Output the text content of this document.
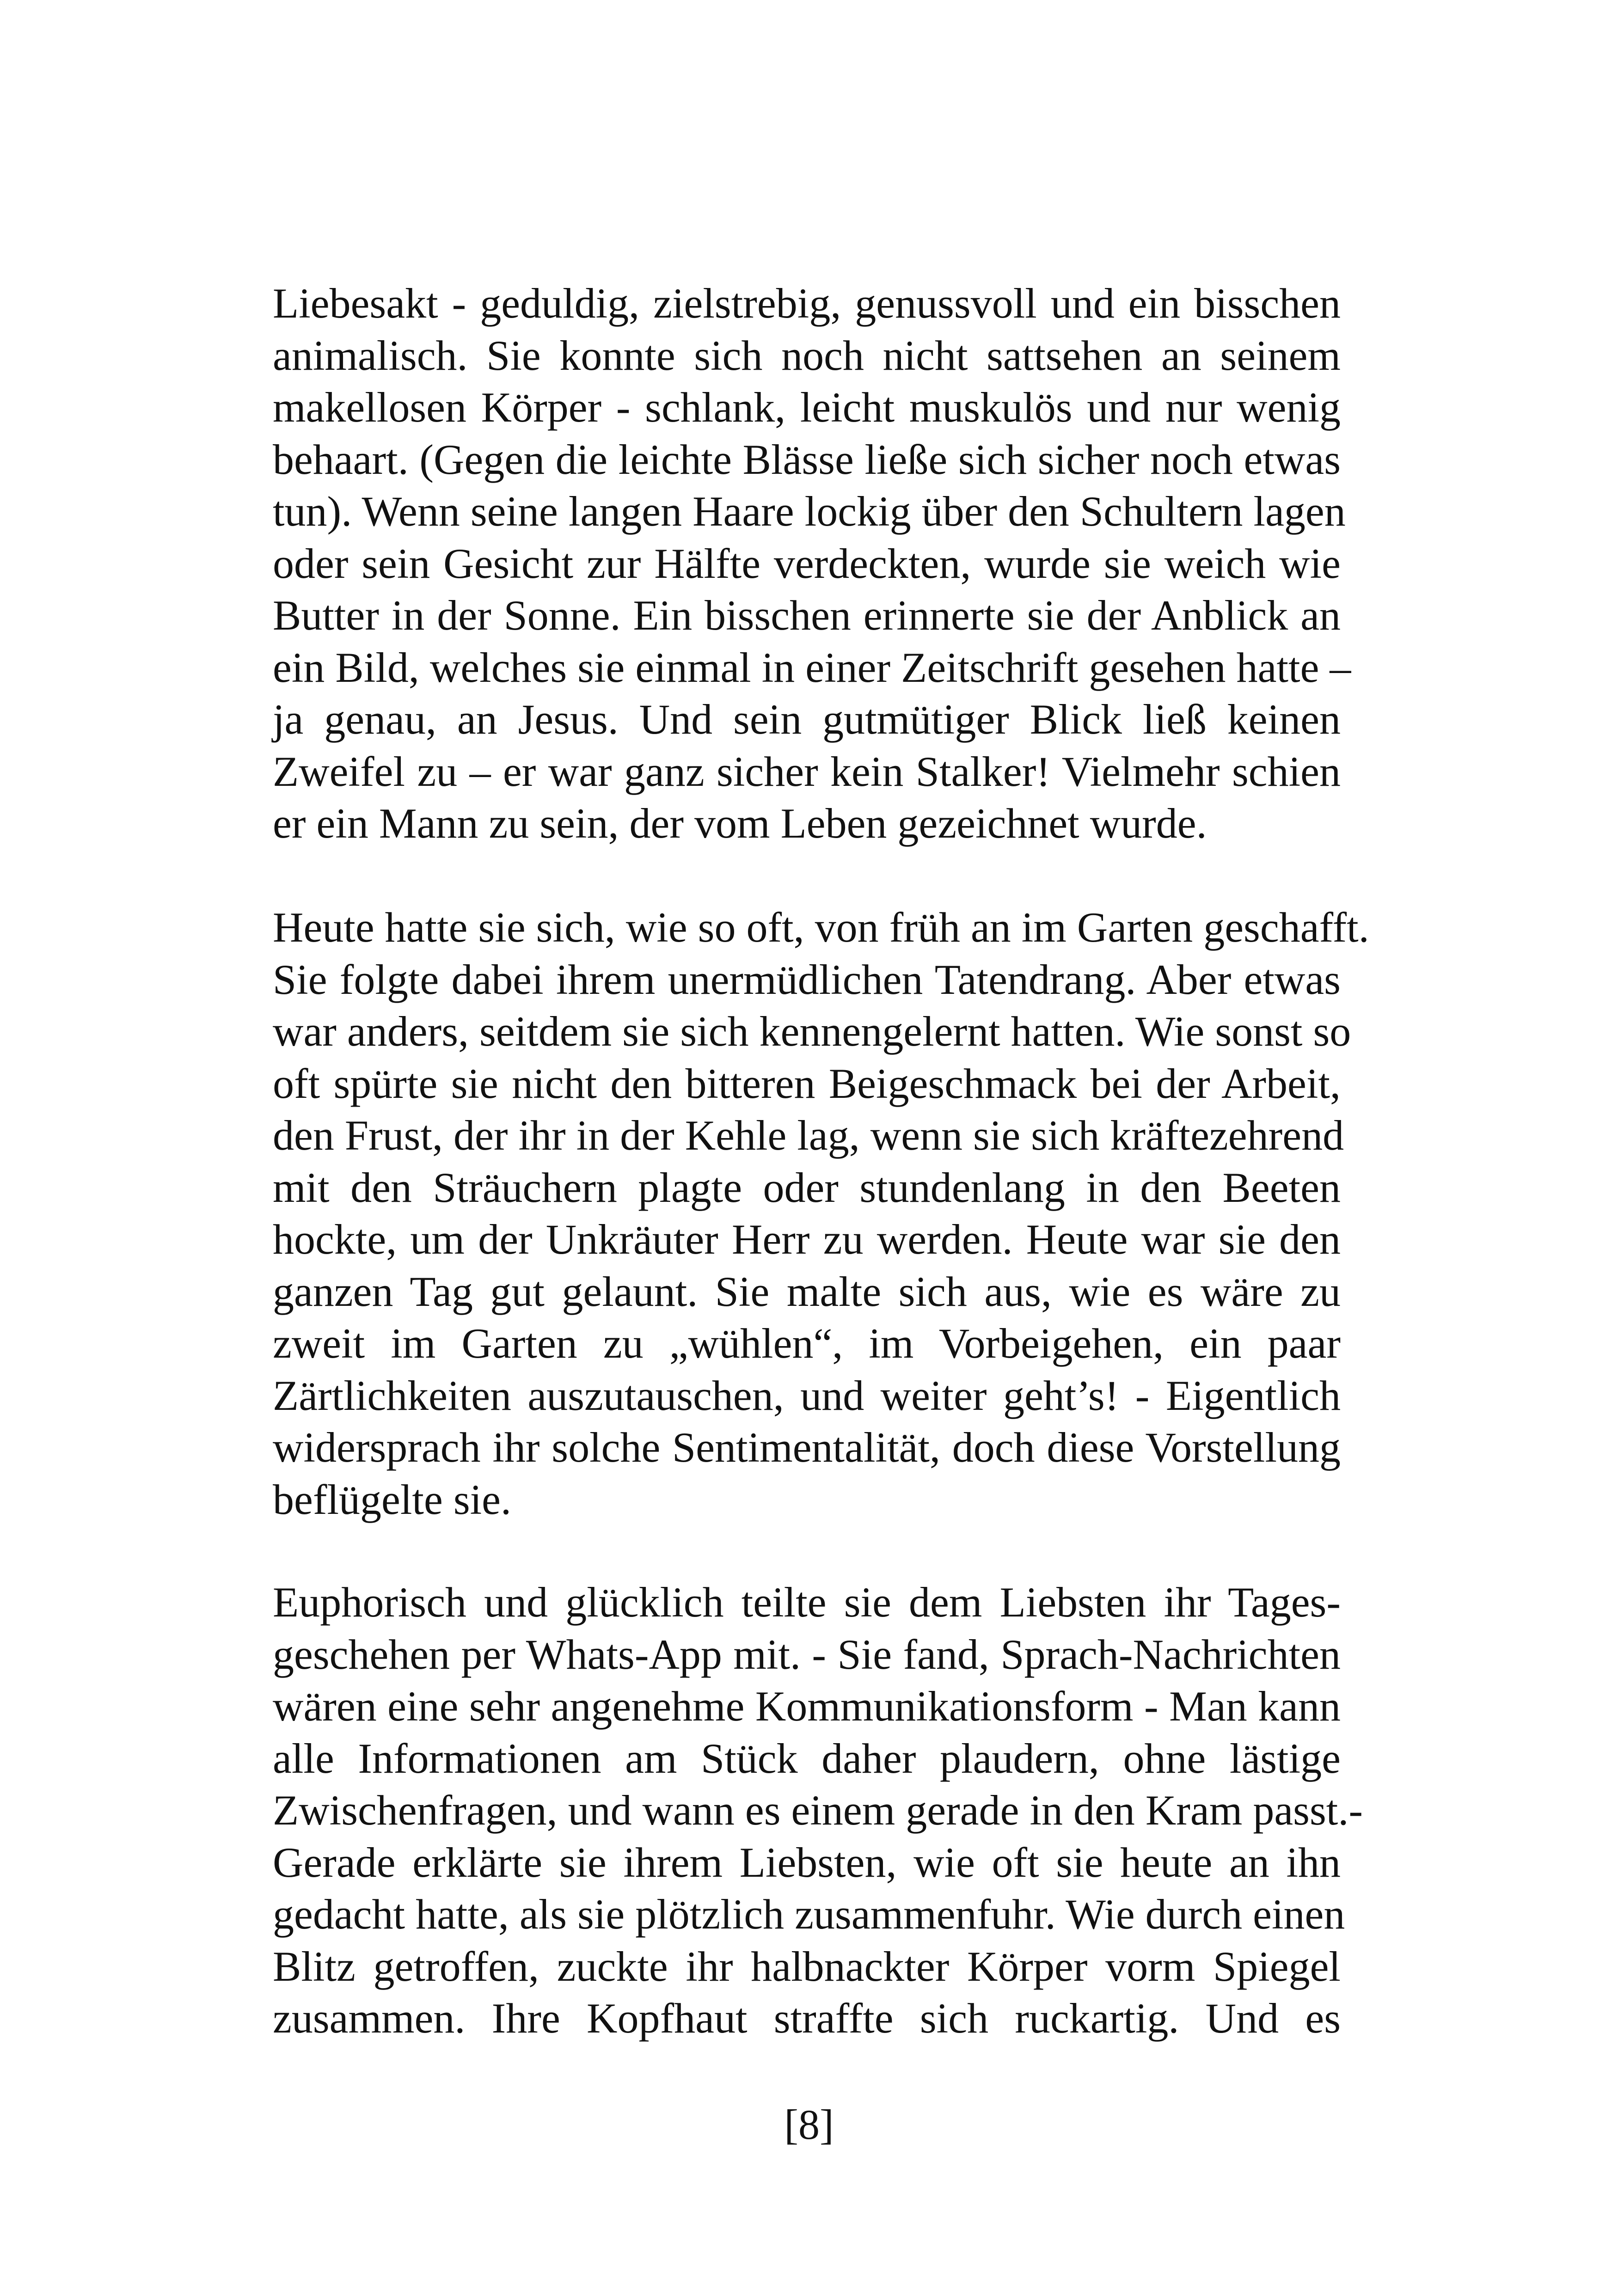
Liebesakt - geduldig, zielstrebig, genussvoll und ein bisschen
animalisch. Sie konnte sich noch nicht sattsehen an seinem
makellosen Körper - schlank, leicht muskulös und nur wenig
behaart. (Gegen die leichte Blässe ließe sich sicher noch etwas
tun). Wenn seine langen Haare lockig über den Schultern lagen
oder sein Gesicht zur Hälfte verdeckten, wurde sie weich wie
Butter in der Sonne. Ein bisschen erinnerte sie der Anblick an
ein Bild, welches sie einmal in einer Zeitschrift gesehen hatte –
ja genau, an Jesus. Und sein gutmütiger Blick ließ keinen
Zweifel zu – er war ganz sicher kein Stalker! Vielmehr schien
er ein Mann zu sein, der vom Leben gezeichnet wurde.
Heute hatte sie sich, wie so oft, von früh an im Garten geschafft.
Sie folgte dabei ihrem unermüdlichen Tatendrang. Aber etwas
war anders, seitdem sie sich kennengelernt hatten. Wie sonst so
oft spürte sie nicht den bitteren Beigeschmack bei der Arbeit,
den Frust, der ihr in der Kehle lag, wenn sie sich kräftezehrend
mit den Sträuchern plagte oder stundenlang in den Beeten
hockte, um der Unkräuter Herr zu werden. Heute war sie den
ganzen Tag gut gelaunt. Sie malte sich aus, wie es wäre zu
zweit im Garten zu „wühlen“, im Vorbeigehen, ein paar
Zärtlichkeiten auszutauschen, und weiter geht’s! - Eigentlich
widersprach ihr solche Sentimentalität, doch diese Vorstellung
beflügelte sie.
Euphorisch und glücklich teilte sie dem Liebsten ihr Tages-
geschehen per Whats-App mit. - Sie fand, Sprach-Nachrichten
wären eine sehr angenehme Kommunikationsform - Man kann
alle Informationen am Stück daher plaudern, ohne lästige
Zwischenfragen, und wann es einem gerade in den Kram passt.-
Gerade erklärte sie ihrem Liebsten, wie oft sie heute an ihn
gedacht hatte, als sie plötzlich zusammenfuhr. Wie durch einen
Blitz getroffen, zuckte ihr halbnackter Körper vorm Spiegel
zusammen. Ihre Kopfhaut straffte sich ruckartig. Und es
[8]
